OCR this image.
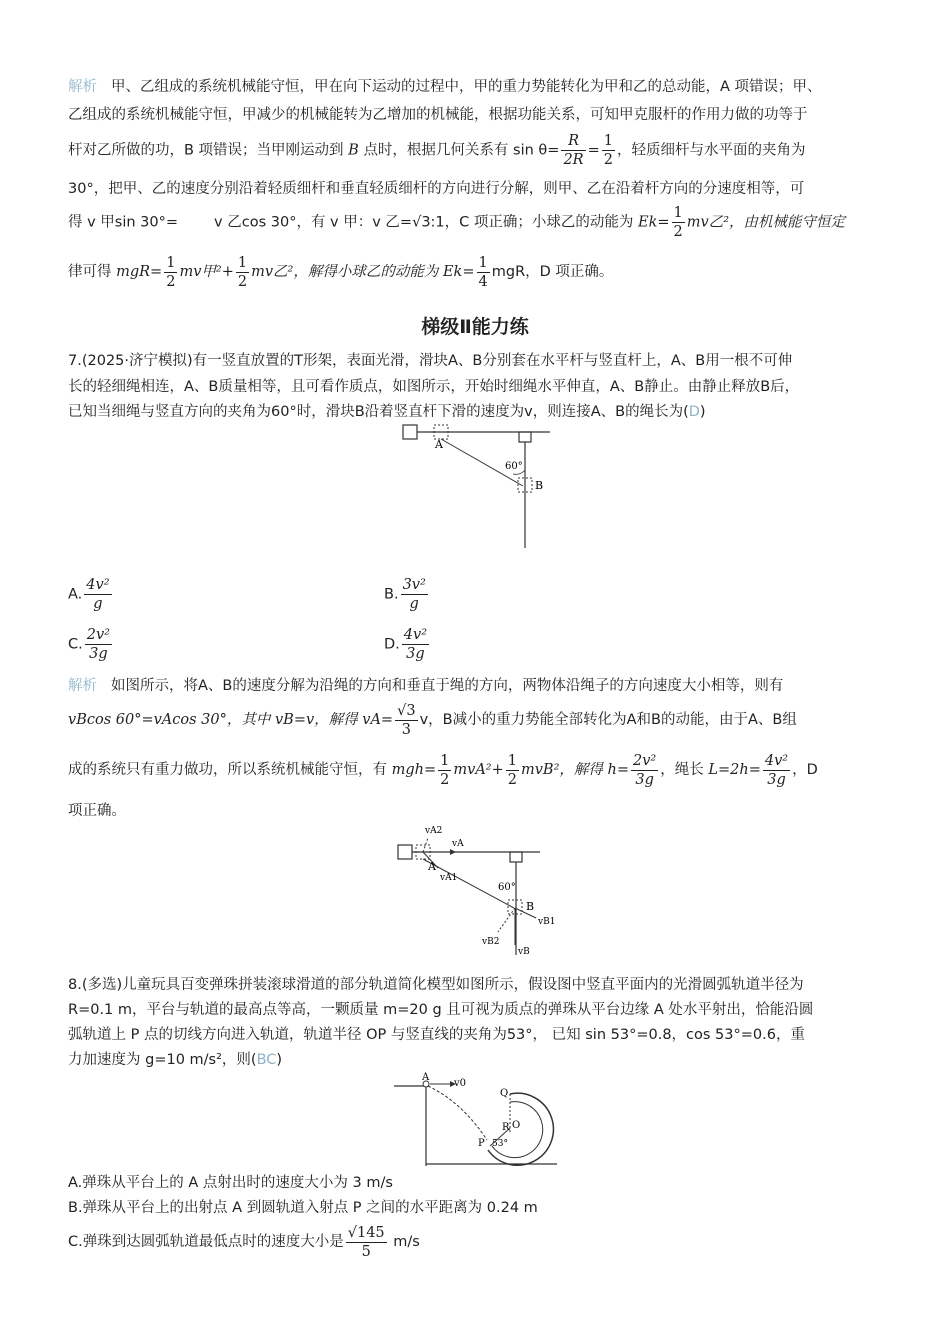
解析 甲、乙组成的系统机械能守恒，甲在向下运动的过程中，甲的重力势能转化为甲和乙的总动能，A 项错误；甲、
乙组成的系统机械能守恒，甲减少的机械能转为乙增加的机械能，根据功能关系，可知甲克服杆的作用力做的功等于
杆对乙所做的功，B 项错误；当甲刚运动到 B 点时，根据几何关系有 $\sin \theta= \frac{R}{2R} = \frac{1}{2}$ ，轻质细杆与水平面的夹角为
30°，把甲、乙的速度分别沿着轻质细杆和垂直轻质细杆的方向进行分解，则甲、乙在沿着杆方向的分速度相等，可
得 v 甲sin 30°= v 乙cos 30°，有 v 甲：v 乙=√3:1，C 项正确；小球乙的动能为 $Ek= \frac{1}{2}$ mv乙²，由机械能守恒定
律可得 $mgR= \frac{1}{2}$ mv甲$^2+ \frac{1}{2}$ mv乙²，解得小球乙的动能为 $Ek= \frac{1}{4}$ mgR，D 项正确。
梯级Ⅱ能力练
7.(2025·济宁模拟)有一竖直放置的T形架，表面光滑，滑块A、B分别套在水平杆与竖直杆上，A、B用一根不可伸
长的轻细绳相连，A、B质量相等，且可看作质点，如图所示，开始时细绳水平伸直，A、B静止。由静止释放B后，
已知当细绳与竖直方向的夹角为60°时，滑块B沿着竖直杆下滑的速度为v，则连接A、B的绳长为(D)
A
B
60°
A. $\frac{\text{4v²}}{g}$	B. $\frac{\text{3v²}}{g}$
C. $\frac{\text{2v²}}{3g}$	D. $\frac{\text{4v²}}{3g}$
解析 如图所示，将A、B的速度分解为沿绳的方向和垂直于绳的方向，两物体沿绳子的方向速度大小相等，则有
vBcos 60°=vAcos 30°，其中 vB=v，解得 $vA= \frac{√3}{3}$ v，B减小的重力势能全部转化为A和B的动能，由于A、B组
成的系统只有重力做功，所以系统机械能守恒，有 $mgh= \frac{1}{2} mvA^2+ \frac{1}{2} mvB^2$，解得 $h= \frac{\text{2v²}}{3g}$ ，绳长 $L=2h= \frac{\text{4v²}}{3g}$ ，D
项正确。
vA2
vA
A
vA1
60°
B
vB1
vB2
vB
8.(多选)儿童玩具百变弹珠拼装滚球滑道的部分轨道简化模型如图所示，假设图中竖直平面内的光滑圆弧轨道半径为
R=0.1 m，平台与轨道的最高点等高，一颗质量 m=20 g 且可视为质点的弹珠从平台边缘 A 处水平射出，恰能沿圆
弧轨道上 P 点的切线方向进入轨道，轨道半径 OP 与竖直线的夹角为53°， 已知 sin 53°=0.8，cos 53°=0.6，重
力加速度为 g=10 m/s²，则(BC)
A
v0
Q
O
R
P 53°
A.弹珠从平台上的 A 点射出时的速度大小为 3 m/s
B.弹珠从平台上的出射点 A 到圆轨道入射点 P 之间的水平距离为 0.24 m
C.弹珠到达圆弧轨道最低点时的速度大小是 $\frac{√145}{5} m/s$
